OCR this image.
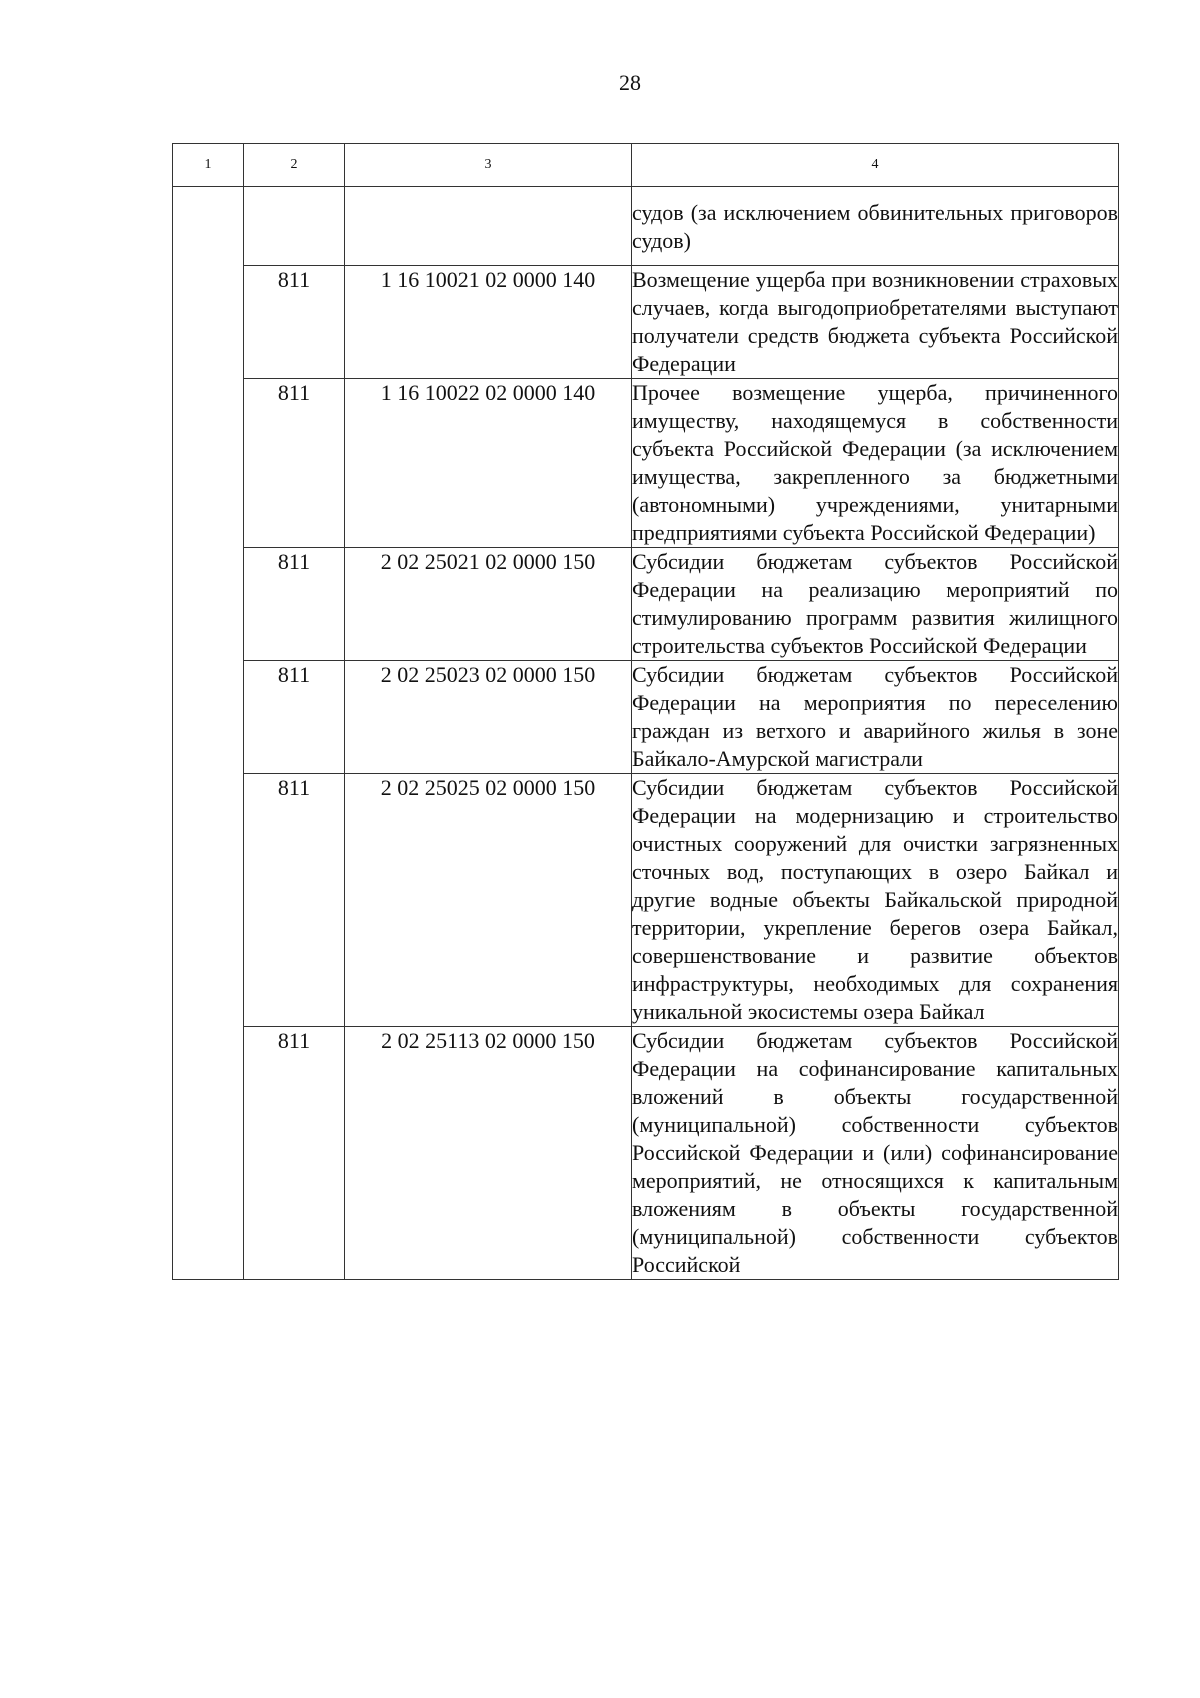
28
1	2	3	4
			судов (за исключением обвинительных приговоров судов)
	811	1 16 10021 02 0000 140	Возмещение ущерба при возникновении страховых случаев, когда выгодоприобретателями выступают получатели средств бюджета субъекта Российской Федерации
	811	1 16 10022 02 0000 140	Прочее возмещение ущерба, причиненного имуществу, находящемуся в собственности субъекта Российской Федерации (за исключением имущества, закрепленного за бюджетными (автономными) учреждениями, унитарными предприятиями субъекта Российской Федерации)
	811	2 02 25021 02 0000 150	Субсидии бюджетам субъектов Российской Федерации на реализацию мероприятий по стимулированию программ развития жилищного строительства субъектов Российской Федерации
	811	2 02 25023 02 0000 150	Субсидии бюджетам субъектов Российской Федерации на мероприятия по переселению граждан из ветхого и аварийного жилья в зоне Байкало-Амурской магистрали
	811	2 02 25025 02 0000 150	Субсидии бюджетам субъектов Российской Федерации на модернизацию и строительство очистных сооружений для очистки загрязненных сточных вод, поступающих в озеро Байкал и другие водные объекты Байкальской природной территории, укрепление берегов озера Байкал, совершенствование и развитие объектов инфраструктуры, необходимых для сохранения уникальной экосистемы озера Байкал
	811	2 02 25113 02 0000 150	Субсидии бюджетам субъектов Российской Федерации на софинансирование капитальных вложений в объекты государственной (муниципальной) собственности субъектов Российской Федерации и (или) софинансирование мероприятий, не относящихся к капитальным вложениям в объекты государственной (муниципальной) собственности субъектов Российской
